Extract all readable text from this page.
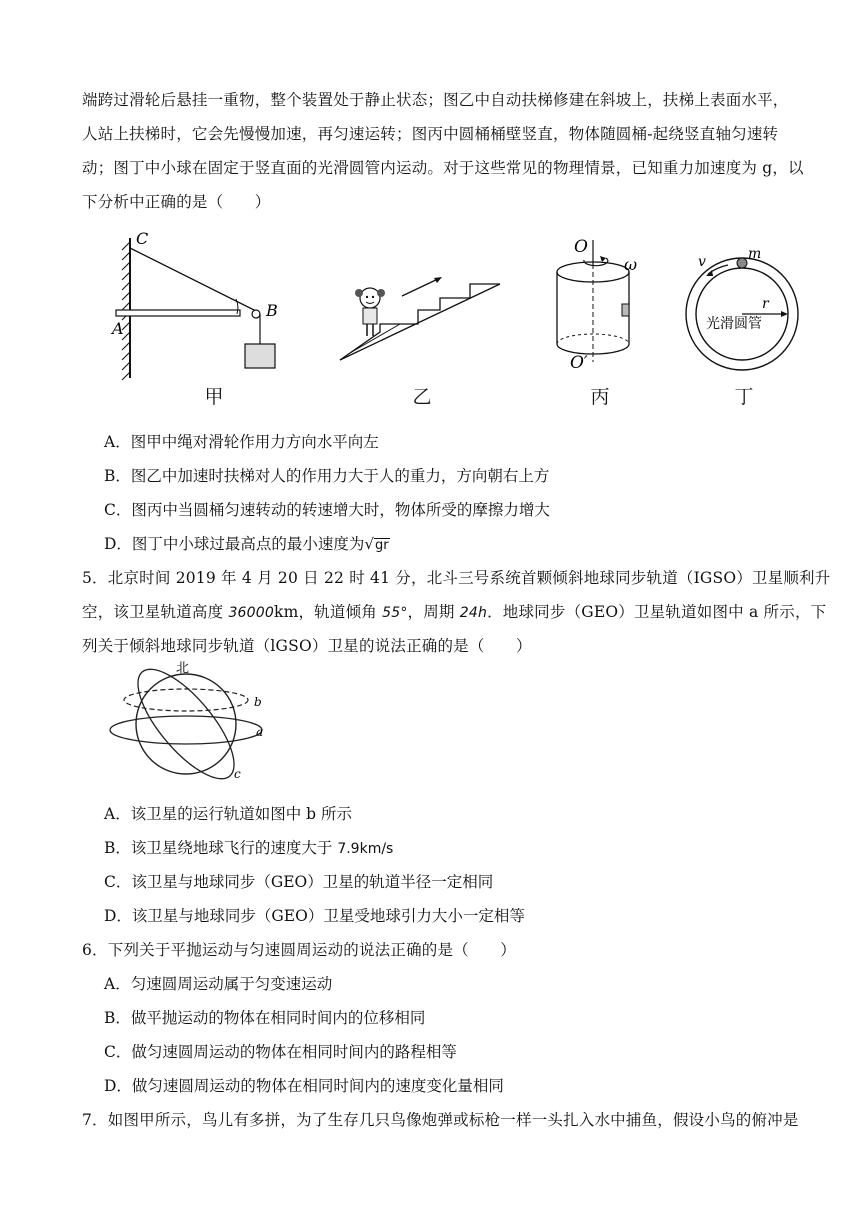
端跨过滑轮后悬挂一重物，整个装置处于静止状态；图乙中自动扶梯修建在斜坡上，扶梯上表面水平，
人站上扶梯时，它会先慢慢加速，再匀速运转；图丙中圆桶桶壁竖直，物体随圆桶-起绕竖直轴匀速转
动；图丁中小球在固定于竖直面的光滑圆管内运动。对于这些常见的物理情景，已知重力加速度为 g，以
下分析中正确的是（　　）
C
A
B
甲	乙
O
ω
O′
丙
v	m
r
光滑圆管
丁
A．图甲中绳对滑轮作用力方向水平向左
B．图乙中加速时扶梯对人的作用力大于人的重力，方向朝右上方
C．图丙中当圆桶匀速转动的转速增大时，物体所受的摩擦力增大
D．图丁中小球过最高点的最小速度为√gr
5．北京时间 2019 年 4 月 20 日 22 时 41 分，北斗三号系统首颗倾斜地球同步轨道（IGSO）卫星顺利升
空，该卫星轨道高度 36000km，轨道倾角 55°，周期 24h．地球同步（GEO）卫星轨道如图中 a 所示，下
列关于倾斜地球同步轨道（lGSO）卫星的说法正确的是（　　）
北
b
a
c
A．该卫星的运行轨道如图中 b 所示
B．该卫星绕地球飞行的速度大于 7.9km/s
C．该卫星与地球同步（GEO）卫星的轨道半径一定相同
D．该卫星与地球同步（GEO）卫星受地球引力大小一定相等
6．下列关于平抛运动与匀速圆周运动的说法正确的是（　　）
A．匀速圆周运动属于匀变速运动
B．做平抛运动的物体在相同时间内的位移相同
C．做匀速圆周运动的物体在相同时间内的路程相等
D．做匀速圆周运动的物体在相同时间内的速度变化量相同
7．如图甲所示，鸟儿有多拼，为了生存几只鸟像炮弹或标枪一样一头扎入水中捕鱼，假设小鸟的俯冲是
